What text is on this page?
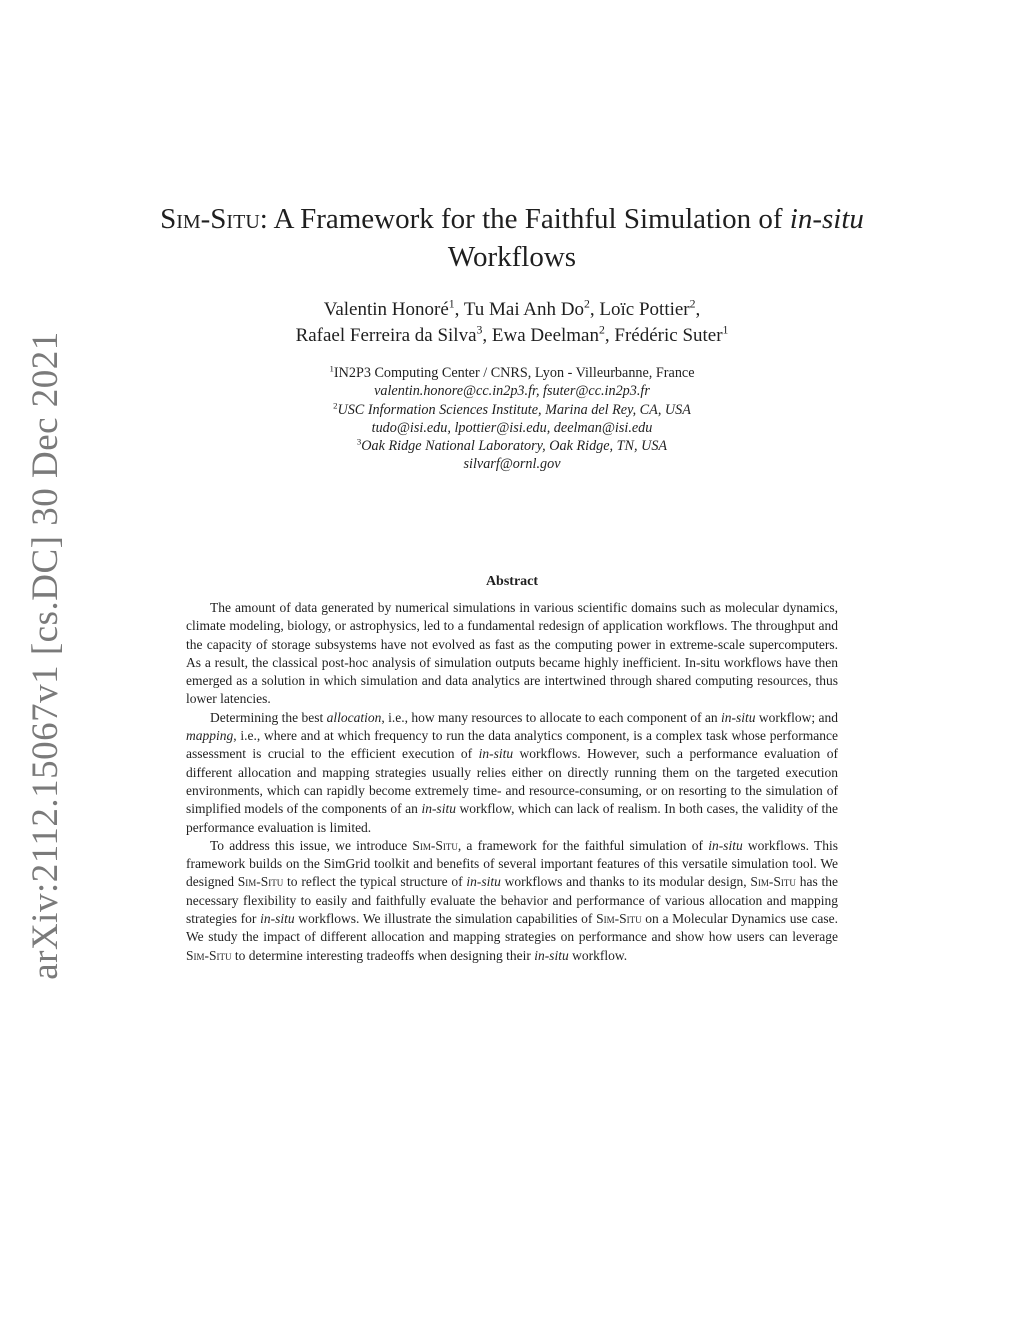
arXiv:2112.15067v1 [cs.DC] 30 Dec 2021
Sim-Situ: A Framework for the Faithful Simulation of in-situ
Workflows
Valentin Honoré$^1$, Tu Mai Anh Do$^2$, Loïc Pottier$^2$,
Rafael Ferreira da Silva$^3$, Ewa Deelman$^2$, Frédéric Suter$^1$
$^1$IN2P3 Computing Center / CNRS, Lyon - Villeurbanne, France
valentin.honore@cc.in2p3.fr, fsuter@cc.in2p3.fr
$^2$USC Information Sciences Institute, Marina del Rey, CA, USA
tudo@isi.edu, lpottier@isi.edu, deelman@isi.edu
$^3$Oak Ridge National Laboratory, Oak Ridge, TN, USA
silvarf@ornl.gov
Abstract

The amount of data generated by numerical simulations in various scientific domains such as molecular dynamics, climate modeling, biology, or astrophysics, led to a fundamental redesign of application workflows. The throughput and the capacity of storage subsystems have not evolved as fast as the computing power in extreme-scale supercomputers. As a result, the classical post-hoc analysis of simulation outputs became highly inefficient. In-situ workflows have then emerged as a solution in which simulation and data analytics are intertwined through shared computing resources, thus lower latencies.

Determining the best allocation, i.e., how many resources to allocate to each component of an in-situ workflow; and mapping, i.e., where and at which frequency to run the data analytics component, is a complex task whose performance assessment is crucial to the efficient execution of in-situ workflows. However, such a performance evaluation of different allocation and mapping strategies usually relies either on directly running them on the targeted execution environments, which can rapidly become extremely time- and resource-consuming, or on resorting to the simulation of simplified models of the components of an in-situ workflow, which can lack of realism. In both cases, the validity of the performance evaluation is limited.

To address this issue, we introduce Sim-Situ, a framework for the faithful simulation of in-situ workflows. This framework builds on the SimGrid toolkit and benefits of several important features of this versatile simulation tool. We designed Sim-Situ to reflect the typical structure of in-situ workflows and thanks to its modular design, Sim-Situ has the necessary flexibility to easily and faithfully evaluate the behavior and performance of various allocation and mapping strategies for in-situ workflows. We illustrate the simulation capabilities of Sim-Situ on a Molecular Dynamics use case. We study the impact of different allocation and mapping strategies on performance and show how users can leverage Sim-Situ to determine interesting tradeoffs when designing their in-situ workflow.
